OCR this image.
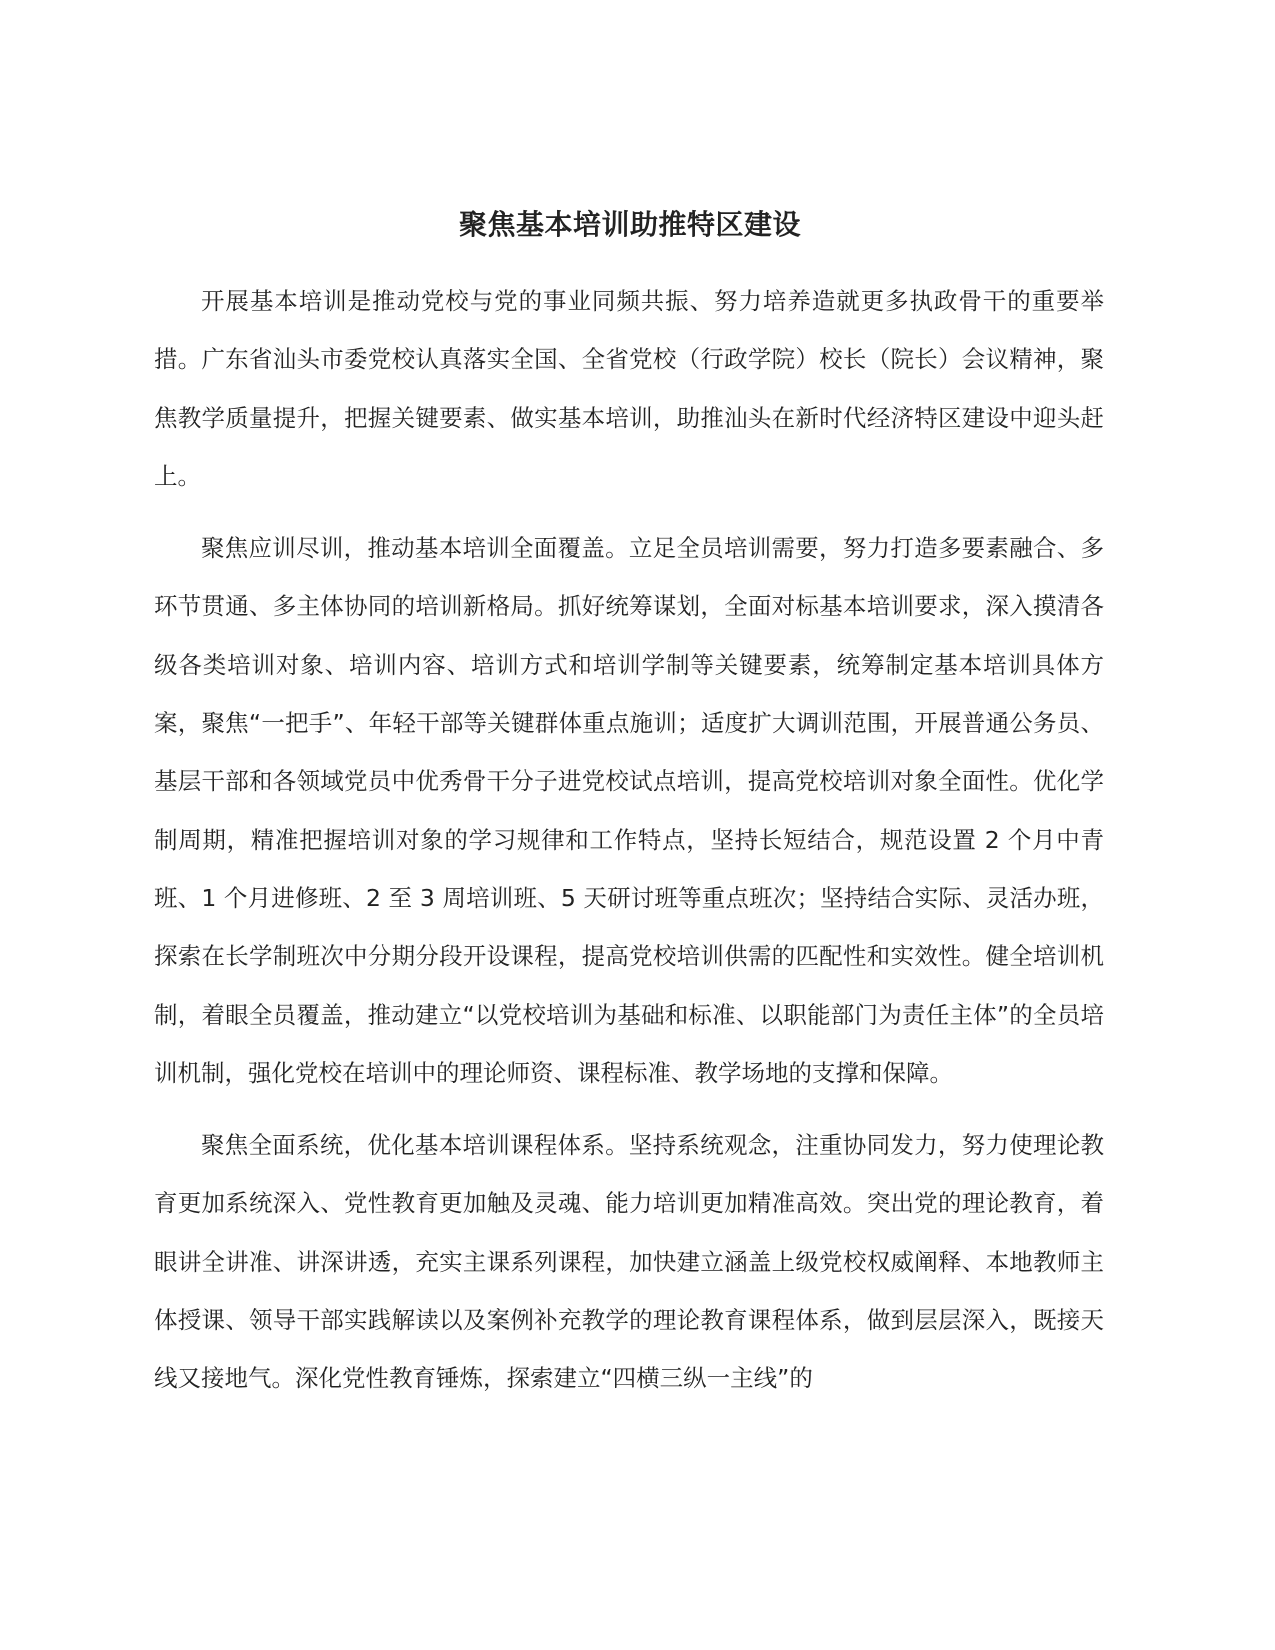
聚焦基本培训助推特区建设

开展基本培训是推动党校与党的事业同频共振、努力培养造就更多执政骨干的重要举措。广东省汕头市委党校认真落实全国、全省党校（行政学院）校长（院长）会议精神，聚焦教学质量提升，把握关键要素、做实基本培训，助推汕头在新时代经济特区建设中迎头赶上。

聚焦应训尽训，推动基本培训全面覆盖。立足全员培训需要，努力打造多要素融合、多环节贯通、多主体协同的培训新格局。抓好统筹谋划，全面对标基本培训要求，深入摸清各级各类培训对象、培训内容、培训方式和培训学制等关键要素，统筹制定基本培训具体方案，聚焦“一把手”、年轻干部等关键群体重点施训；适度扩大调训范围，开展普通公务员、基层干部和各领域党员中优秀骨干分子进党校试点培训，提高党校培训对象全面性。优化学制周期，精准把握培训对象的学习规律和工作特点，坚持长短结合，规范设置 2 个月中青班、1 个月进修班、2 至 3 周培训班、5 天研讨班等重点班次；坚持结合实际、灵活办班，探索在长学制班次中分期分段开设课程，提高党校培训供需的匹配性和实效性。健全培训机制，着眼全员覆盖，推动建立“以党校培训为基础和标准、以职能部门为责任主体”的全员培训机制，强化党校在培训中的理论师资、课程标准、教学场地的支撑和保障。

聚焦全面系统，优化基本培训课程体系。坚持系统观念，注重协同发力，努力使理论教育更加系统深入、党性教育更加触及灵魂、能力培训更加精准高效。突出党的理论教育，着眼讲全讲准、讲深讲透，充实主课系列课程，加快建立涵盖上级党校权威阐释、本地教师主体授课、领导干部实践解读以及案例补充教学的理论教育课程体系，做到层层深入，既接天线又接地气。深化党性教育锤炼，探索建立“四横三纵一主线”的
